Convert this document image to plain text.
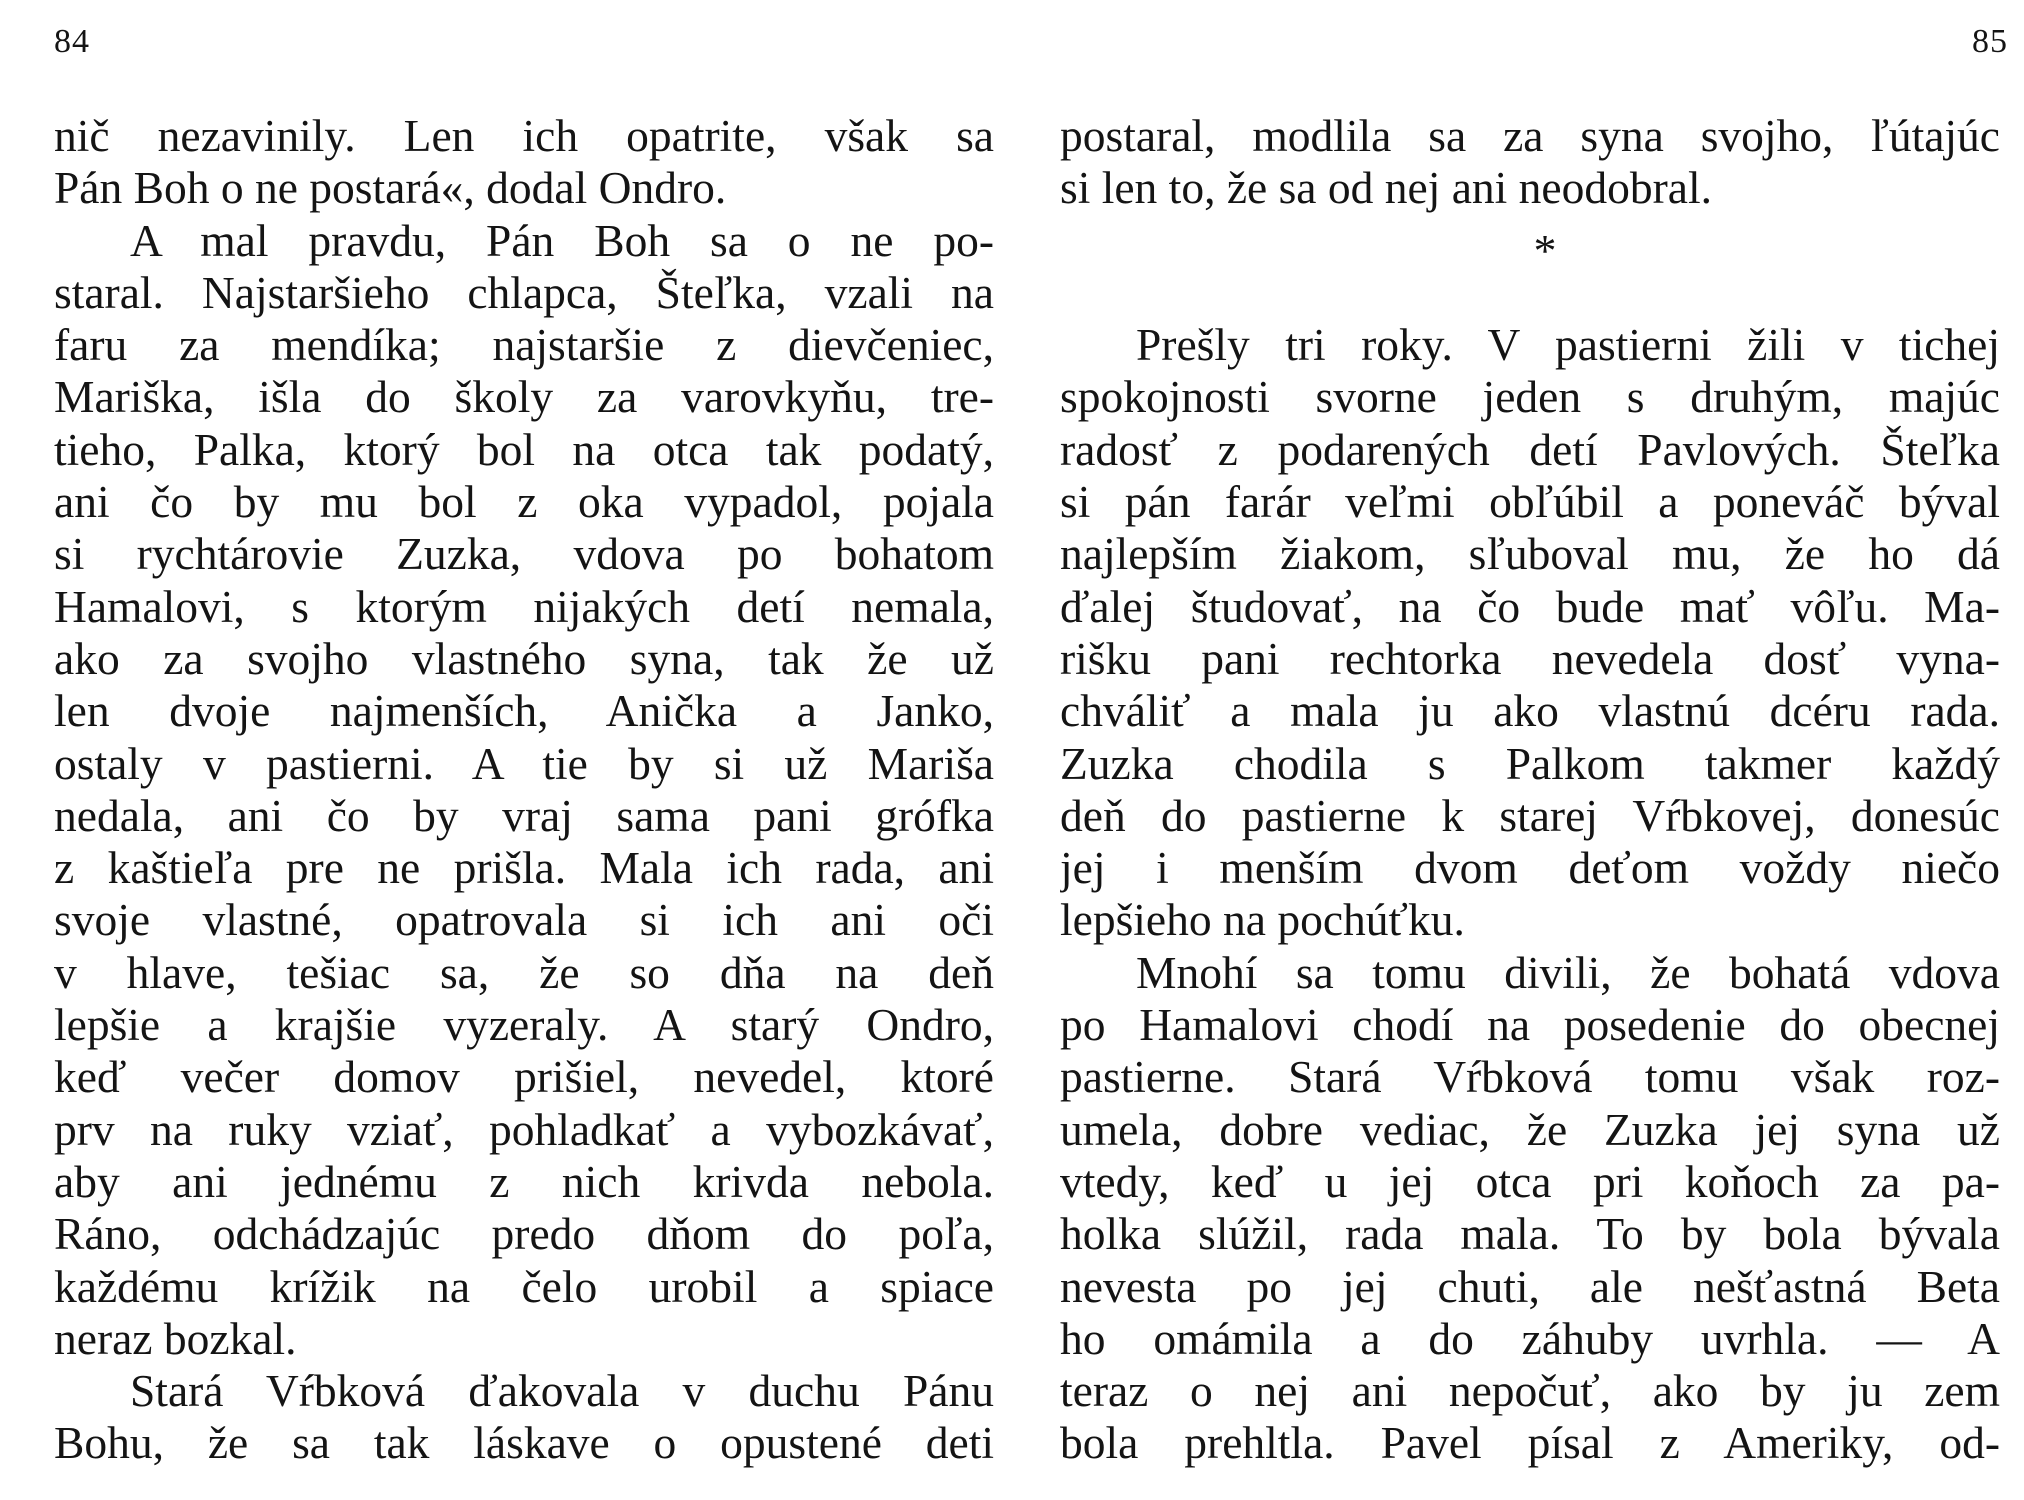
84	85
nič nezavinily. Len ich opatrite, však sa
Pán Boh o ne postará«, dodal Ondro.
A mal pravdu, Pán Boh sa o ne po-
staral. Najstaršieho chlapca, Šteľka, vzali na
faru za mendíka; najstaršie z dievčeniec,
Mariška, išla do školy za varovkyňu, tre-
tieho, Palka, ktorý bol na otca tak podatý,
ani čo by mu bol z oka vypadol, pojala
si rychtárovie Zuzka, vdova po bohatom
Hamalovi, s ktorým nijakých detí nemala,
ako za svojho vlastného syna, tak že už
len dvoje najmenších, Anička a Janko,
ostaly v pastierni. A tie by si už Mariša
nedala, ani čo by vraj sama pani grófka
z kaštieľa pre ne prišla. Mala ich rada, ani
svoje vlastné, opatrovala si ich ani oči
v hlave, tešiac sa, že so dňa na deň
lepšie a krajšie vyzeraly. A starý Ondro,
keď večer domov prišiel, nevedel, ktoré
prv na ruky vziať, pohladkať a vybozkávať,
aby ani jednému z nich krivda nebola.
Ráno, odchádzajúc predo dňom do poľa,
každému krížik na čelo urobil a spiace
neraz bozkal.
Stará Vŕbková ďakovala v duchu Pánu
Bohu, že sa tak láskave o opustené deti
postaral, modlila sa za syna svojho, ľútajúc
si len to, že sa od nej ani neodobral.
*
Prešly tri roky. V pastierni žili v tichej
spokojnosti svorne jeden s druhým, majúc
radosť z podarených detí Pavlových. Šteľka
si pán farár veľmi obľúbil a poneváč býval
najlepším žiakom, sľuboval mu, že ho dá
ďalej študovať, na čo bude mať vôľu. Ma-
rišku pani rechtorka nevedela dosť vyna-
chváliť a mala ju ako vlastnú dcéru rada.
Zuzka chodila s Palkom takmer každý
deň do pastierne k starej Vŕbkovej, donesúc
jej i menším dvom deťom voždy niečo
lepšieho na pochúťku.
Mnohí sa tomu divili, že bohatá vdova
po Hamalovi chodí na posedenie do obecnej
pastierne. Stará Vŕbková tomu však roz-
umela, dobre vediac, že Zuzka jej syna už
vtedy, keď u jej otca pri koňoch za pa-
holka slúžil, rada mala. To by bola bývala
nevesta po jej chuti, ale nešťastná Beta
ho omámila a do záhuby uvrhla. — A
teraz o nej ani nepočuť, ako by ju zem
bola prehltla. Pavel písal z Ameriky, od-
